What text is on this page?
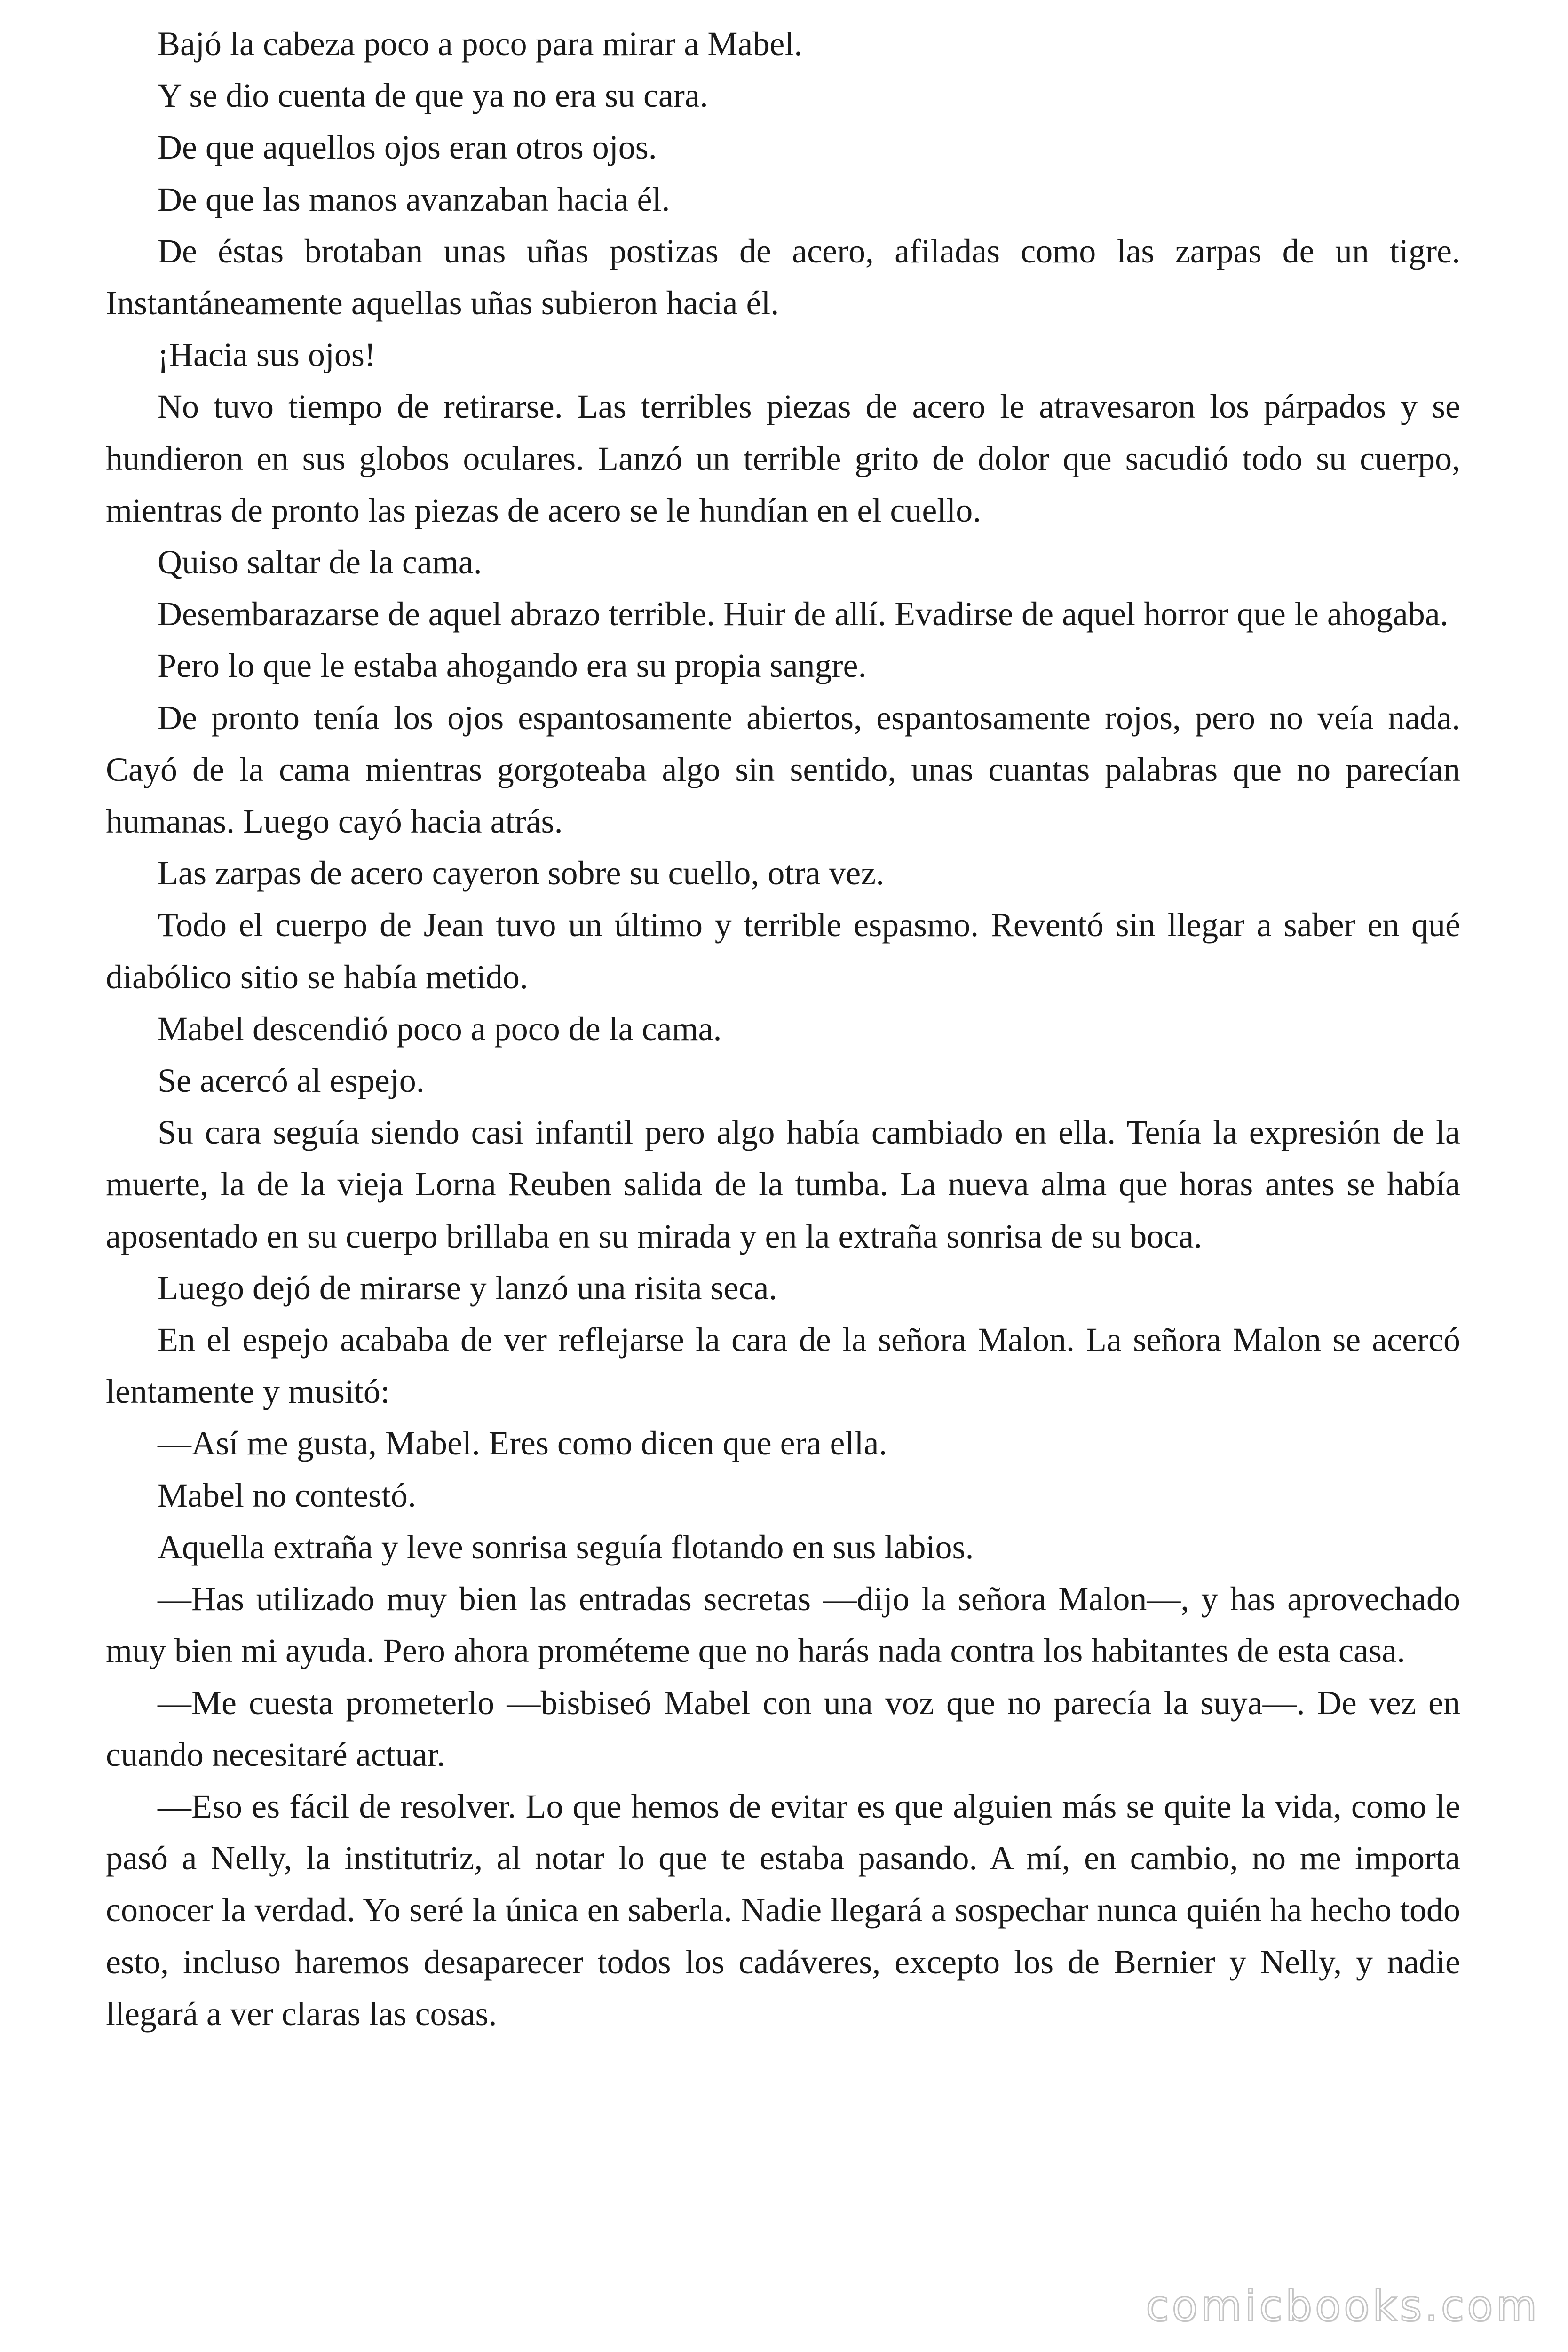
Bajó la cabeza poco a poco para mirar a Mabel.

Y se dio cuenta de que ya no era su cara.

De que aquellos ojos eran otros ojos.

De que las manos avanzaban hacia él.

De éstas brotaban unas uñas postizas de acero, afiladas como las zarpas de un tigre. Instantáneamente aquellas uñas subieron hacia él.

¡Hacia sus ojos!

No tuvo tiempo de retirarse. Las terribles piezas de acero le atravesaron los párpados y se hundieron en sus globos oculares. Lanzó un terrible grito de dolor que sacudió todo su cuerpo, mientras de pronto las piezas de acero se le hundían en el cuello.

Quiso saltar de la cama.

Desembarazarse de aquel abrazo terrible. Huir de allí. Evadirse de aquel horror que le ahogaba.

Pero lo que le estaba ahogando era su propia sangre.

De pronto tenía los ojos espantosamente abiertos, espantosamente rojos, pero no veía nada. Cayó de la cama mientras gorgoteaba algo sin sentido, unas cuantas palabras que no parecían humanas. Luego cayó hacia atrás.

Las zarpas de acero cayeron sobre su cuello, otra vez.

Todo el cuerpo de Jean tuvo un último y terrible espasmo. Reventó sin llegar a saber en qué diabólico sitio se había metido.

Mabel descendió poco a poco de la cama.

Se acercó al espejo.

Su cara seguía siendo casi infantil pero algo había cambiado en ella. Tenía la expresión de la muerte, la de la vieja Lorna Reuben salida de la tumba. La nueva alma que horas antes se había aposentado en su cuerpo brillaba en su mirada y en la extraña sonrisa de su boca.

Luego dejó de mirarse y lanzó una risita seca.

En el espejo acababa de ver reflejarse la cara de la señora Malon. La señora Malon se acercó lentamente y musitó:

—Así me gusta, Mabel. Eres como dicen que era ella.

Mabel no contestó.

Aquella extraña y leve sonrisa seguía flotando en sus labios.

—Has utilizado muy bien las entradas secretas —dijo la señora Malon—, y has aprovechado muy bien mi ayuda. Pero ahora prométeme que no harás nada contra los habitantes de esta casa.

—Me cuesta prometerlo —bisbiseó Mabel con una voz que no parecía la suya—. De vez en cuando necesitaré actuar.

—Eso es fácil de resolver. Lo que hemos de evitar es que alguien más se quite la vida, como le pasó a Nelly, la institutriz, al notar lo que te estaba pasando. A mí, en cambio, no me importa conocer la verdad. Yo seré la única en saberla. Nadie llegará a sospechar nunca quién ha hecho todo esto, incluso haremos desaparecer todos los cadáveres, excepto los de Bernier y Nelly, y nadie llegará a ver claras las cosas.

comicbooks.com
